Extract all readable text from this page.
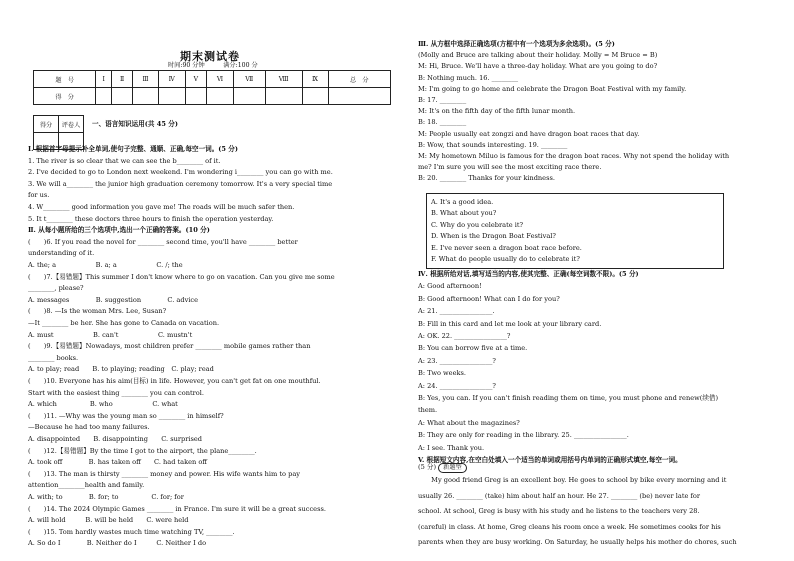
期末测试卷
时间:90 分钟　　　满分:100 分
题　号	I	Ⅱ	Ⅲ	Ⅳ	V	Ⅵ	Ⅶ	Ⅷ	Ⅸ	总　分
得　分										
得分	评卷人
	一、语言知识运用(共 45 分)
Ⅰ. 根据首字母提示补全单词,使句子完整、通顺、正确,每空一词。(5 分)
1. The river is so clear that we can see the b________ of it.
2. I've decided to go to London next weekend. I'm wondering i________ you can go with me.
3. We will a________ the junior high graduation ceremony tomorrow. It's a very special time
for us.
4. W________ good information you gave me! The roads will be much safer then.
5. It t________ these doctors three hours to finish the operation yesterday.
Ⅱ. 从每小题所给的三个选项中,选出一个正确的答案。(10 分)
(　　)6. If you read the novel for ________ second time, you'll have ________ better
understanding of it.
A. the; a　　　　　　B. a; a　　　　　　C. /; the
(　　)7.【易错题】This summer I don't know where to go on vacation. Can you give me some
________, please?
A. messages　　　　B. suggestion　　　　C. advice
(　　)8. —Is the woman Mrs. Lee, Susan?
—It ________ be her. She has gone to Canada on vacation.
A. must　　　　　　B. can't　　　　　　C. mustn't
(　　)9.【易错题】Nowadays, most children prefer ________ mobile games rather than
________ books.
A. to play; read　　B. to playing; reading　C. play; read
(　　)10. Everyone has his aim(目标) in life. However, you can't get fat on one mouthful.
Start with the easiest thing ________ you can control.
A. which　　　　　B. who　　　　　　C. what
(　　)11. —Why was the young man so ________ in himself?
—Because he had too many failures.
A. disappointed　　B. disappointing　　C. surprised
(　　)12.【易错题】By the time I got to the airport, the plane________.
A. took off　　　　B. has taken off　　C. had taken off
(　　)13. The man is thirsty ________ money and power. His wife wants him to pay
attention________health and family.
A. with; to　　　　B. for; to　　　　　C. for; for
(　　)14. The 2024 Olympic Games ________ in France. I'm sure it will be a great success.
A. will hold　　　B. will be held　　C. were held
(　　)15. Tom hardly wastes much time watching TV, ________.
A. So do I　　　　B. Neither do I　　　C. Neither I do
Ⅲ. 从方框中选择正确选项(方框中有一个选项为多余选项)。(5 分)
(Molly and Bruce are talking about their holiday. Molly = M Bruce = B)
M: Hi, Bruce. We'll have a three-day holiday. What are you going to do?
B: Nothing much. 16. ________
M: I'm going to go home and celebrate the Dragon Boat Festival with my family.
B: 17. ________
M: It's on the fifth day of the fifth lunar month.
B: 18. ________
M: People usually eat zongzi and have dragon boat races that day.
B: Wow, that sounds interesting. 19. ________
M: My hometown Miluo is famous for the dragon boat races. Why not spend the holiday with
me? I'm sure you will see the most exciting race there.
B: 20. ________ Thanks for your kindness.
A. It's a good idea.
B. What about you?
C. Why do you celebrate it?
D. When is the Dragon Boat Festival?
E. I've never seen a dragon boat race before.
F. What do people usually do to celebrate it?
Ⅳ. 根据所给对话,填写适当的内容,使其完整、正确(每空词数不限)。(5 分)
A: Good afternoon!
B: Good afternoon! What can I do for you?
A: 21. ________________.
B: Fill in this card and let me look at your library card.
A: OK. 22. ________________?
B: You can borrow five at a time.
A: 23. ________________?
B: Two weeks.
A: 24. ________________?
B: Yes, you can. If you can't finish reading them on time, you must phone and renew(续借)
them.
A: What about the magazines?
B: They are only for reading in the library. 25. ________________.
A: I see. Thank you.
V. 根据短文内容,在空白处填入一个适当的单词或用括号内单词的正确形式填空,每空一词。
(5 分) 新题型
　　My good friend Greg is an excellent boy. He goes to school by bike every morning and it
usually 26. ________ (take) him about half an hour. He 27. ________ (be) never late for
school. At school, Greg is busy with his study and he listens to the teachers very 28.
(careful) in class. At home, Greg cleans his room once a week. He sometimes cooks for his
parents when they are busy working. On Saturday, he usually helps his mother do chores, such
